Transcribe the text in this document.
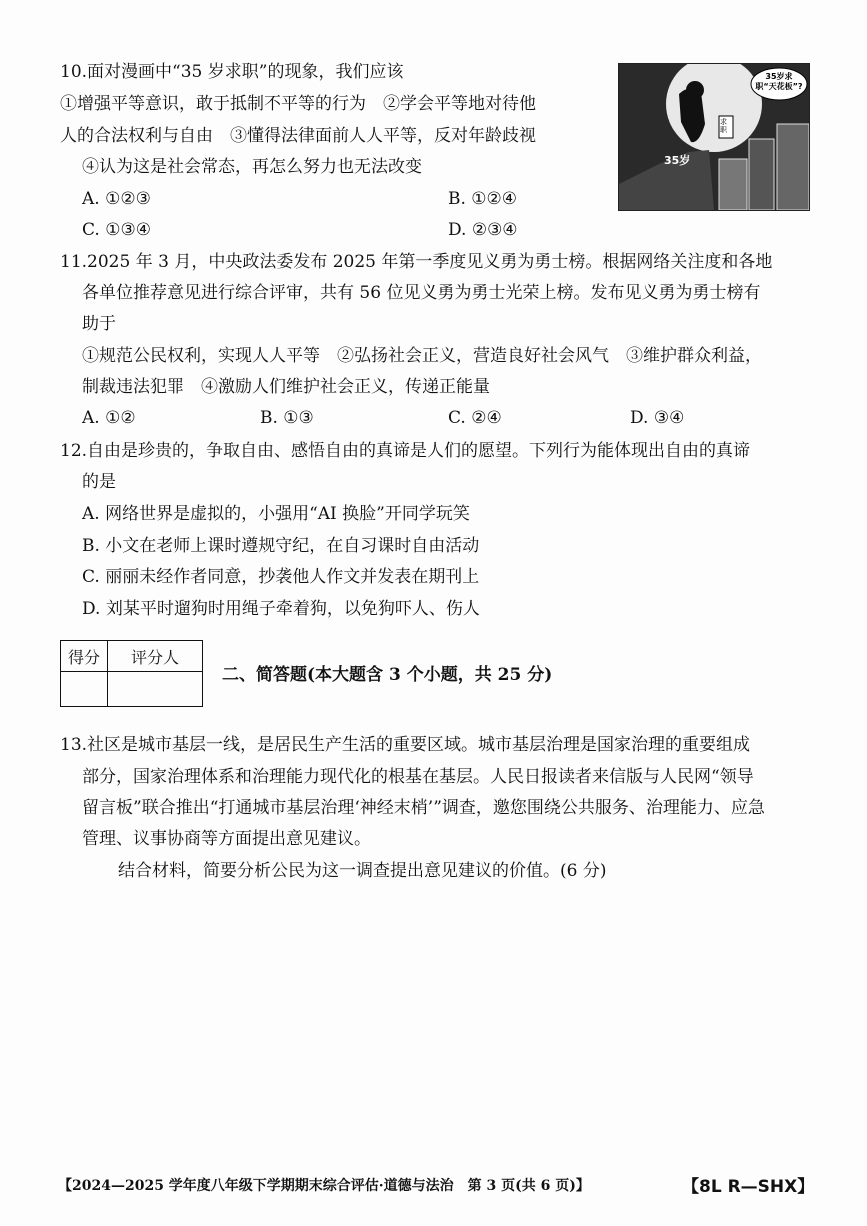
10.面对漫画中“35 岁求职”的现象，我们应该
①增强平等意识，敢于抵制不平等的行为　②学会平等地对待他
人的合法权利与自由　③懂得法律面前人人平等，反对年龄歧视
④认为这是社会常态，再怎么努力也无法改变
A. ①②③	B. ①②④
C. ①③④	D. ②③④
35岁求职“天花板”?
35岁
求职
11.2025 年 3 月，中央政法委发布 2025 年第一季度见义勇为勇士榜。根据网络关注度和各地
各单位推荐意见进行综合评审，共有 56 位见义勇为勇士光荣上榜。发布见义勇为勇士榜有
助于
①规范公民权利，实现人人平等　②弘扬社会正义，营造良好社会风气　③维护群众利益，
制裁违法犯罪　④激励人们维护社会正义，传递正能量
A. ①②	B. ①③	C. ②④	D. ③④
12.自由是珍贵的，争取自由、感悟自由的真谛是人们的愿望。下列行为能体现出自由的真谛
的是
A. 网络世界是虚拟的，小强用“AI 换脸”开同学玩笑
B. 小文在老师上课时遵规守纪，在自习课时自由活动
C. 丽丽未经作者同意，抄袭他人作文并发表在期刊上
D. 刘某平时遛狗时用绳子牵着狗，以免狗吓人、伤人
得分	评分人

二、简答题(本大题含 3 个小题，共 25 分)
13.社区是城市基层一线，是居民生产生活的重要区域。城市基层治理是国家治理的重要组成
部分，国家治理体系和治理能力现代化的根基在基层。人民日报读者来信版与人民网“领导
留言板”联合推出“打通城市基层治理‘神经末梢’”调查，邀您围绕公共服务、治理能力、应急
管理、议事协商等方面提出意见建议。
结合材料，简要分析公民为这一调查提出意见建议的价值。(6 分)
【2024—2025 学年度八年级下学期期末综合评估·道德与法治　第 3 页(共 6 页)】	【8L R—SHX】
